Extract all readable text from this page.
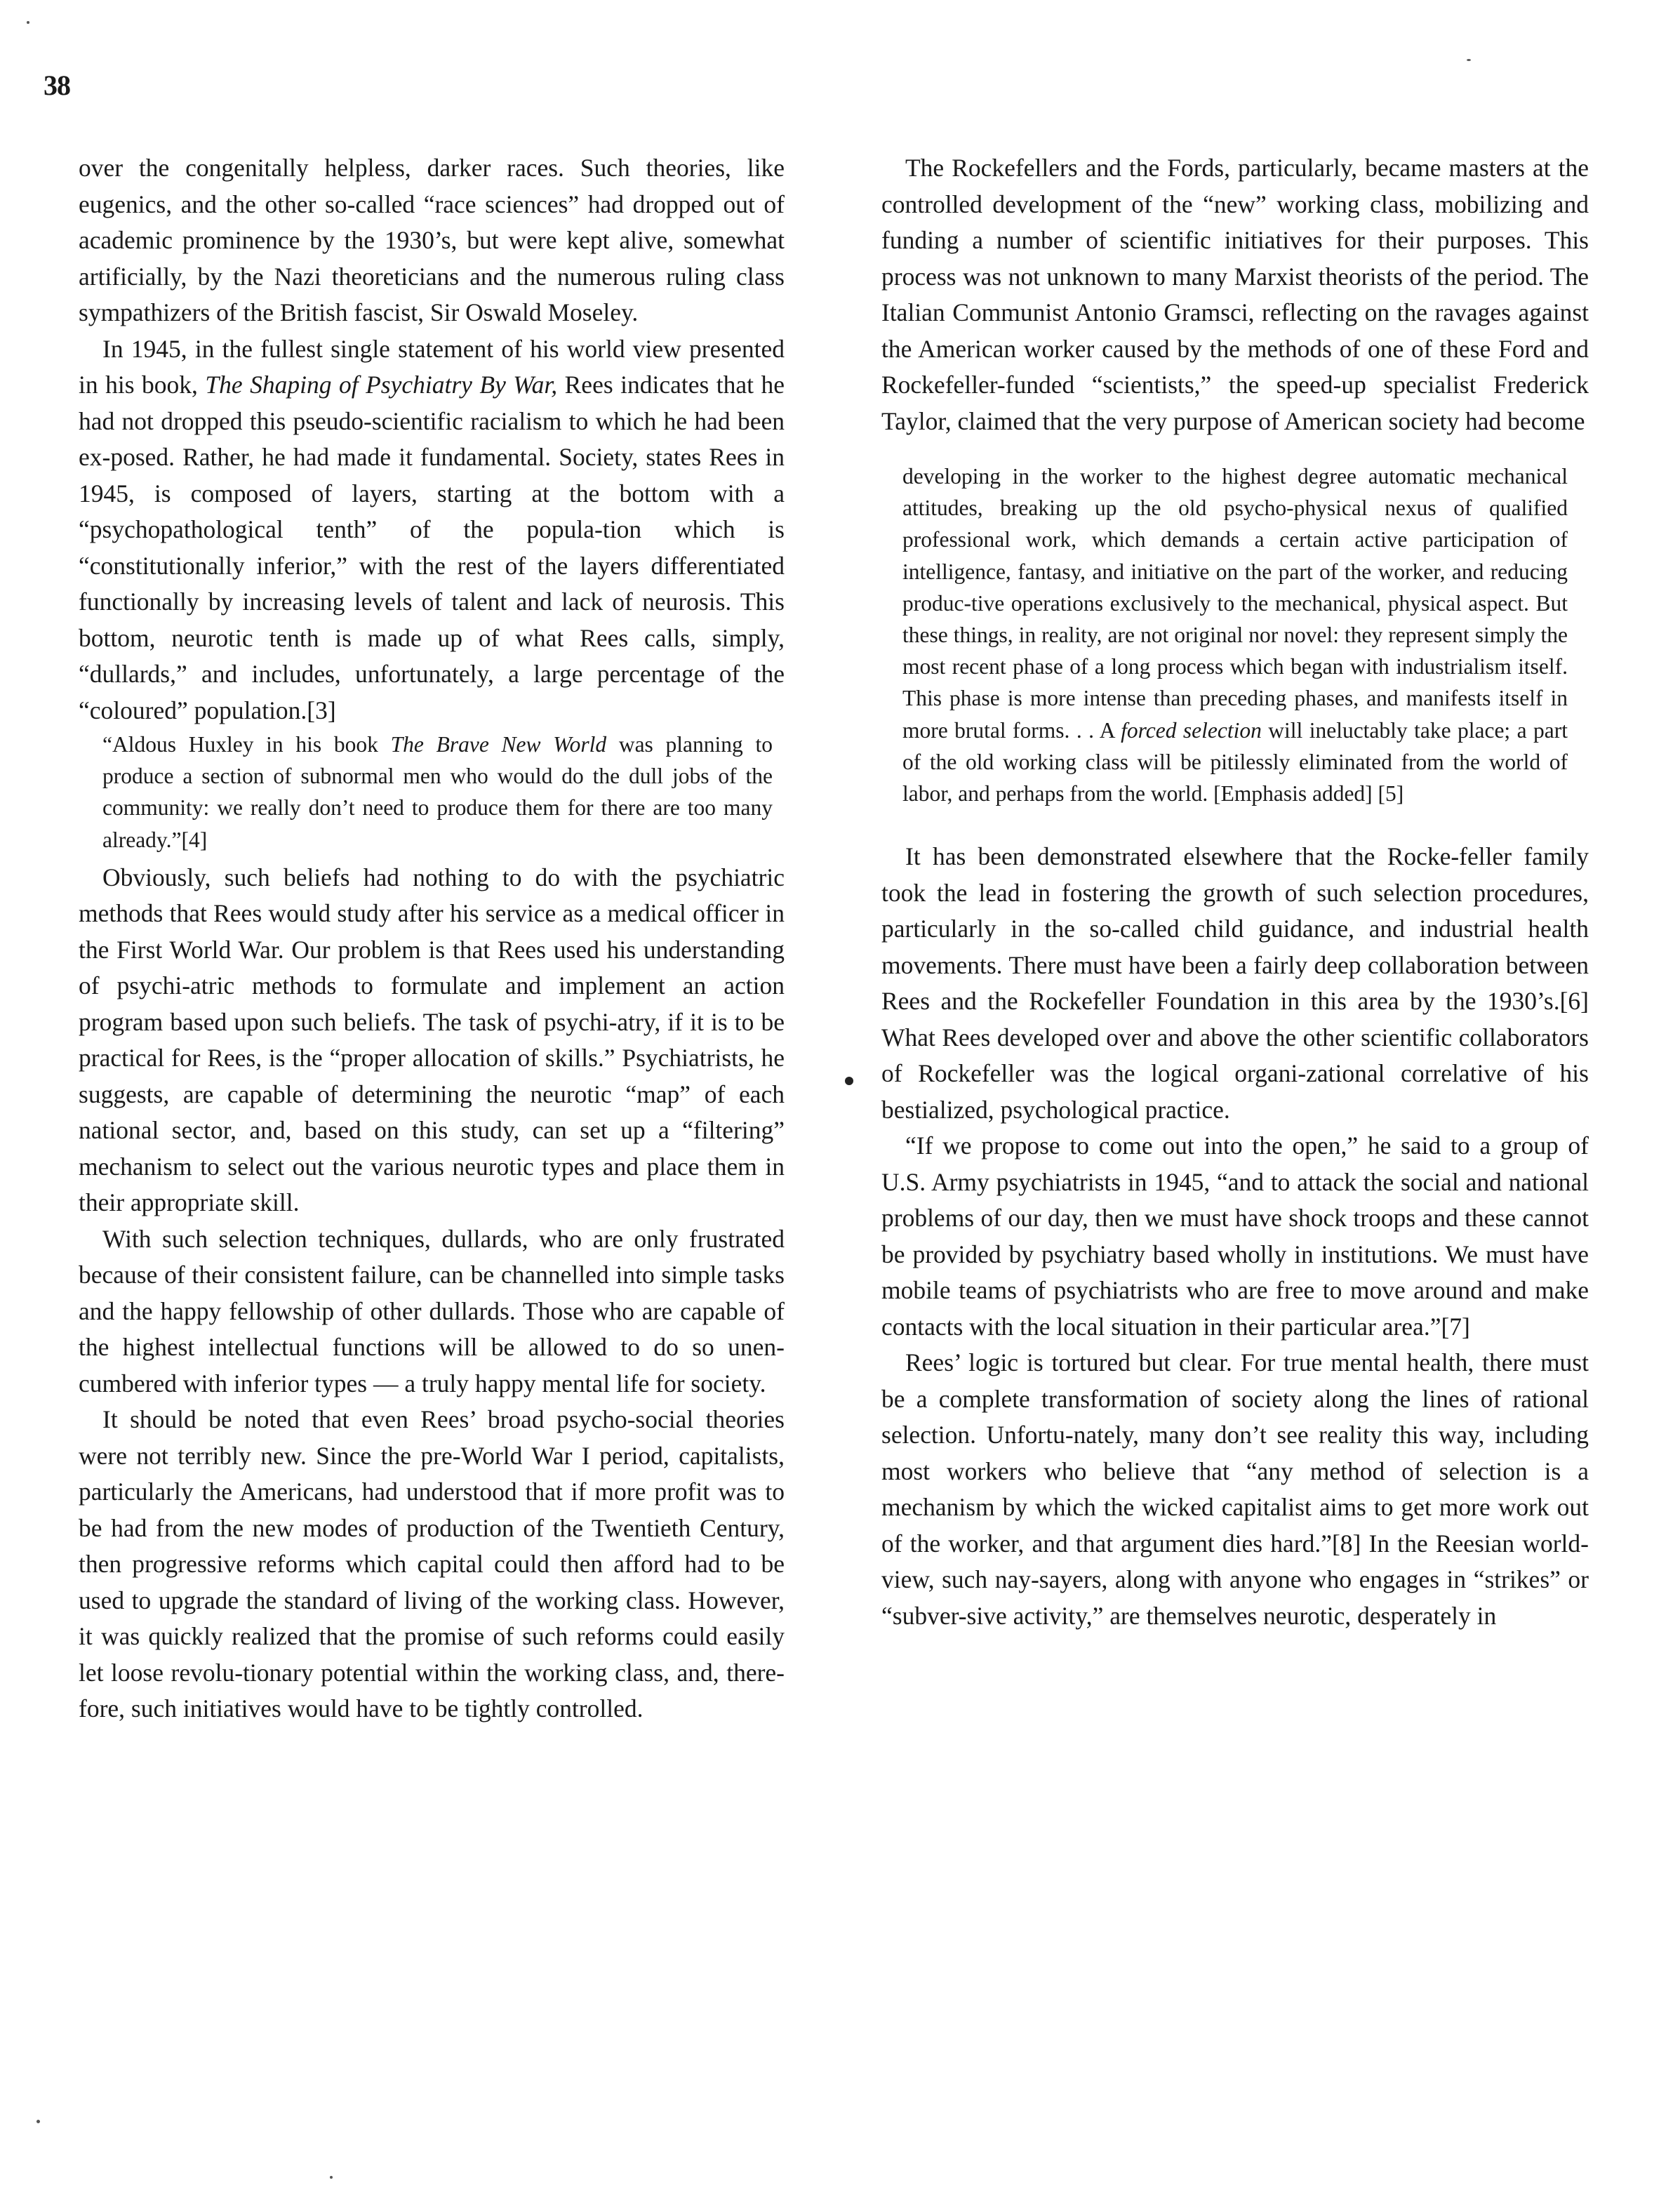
38

over the congenitally helpless, darker races. Such theories, like eugenics, and the other so-called “race sciences” had dropped out of academic prominence by the 1930’s, but were kept alive, somewhat artificially, by the Nazi theoreticians and the numerous ruling class sympathizers of the British fascist, Sir Oswald Moseley.

In 1945, in the fullest single statement of his world view presented in his book, The Shaping of Psychiatry By War, Rees indicates that he had not dropped this pseudo-scientific racialism to which he had been ex-posed. Rather, he had made it fundamental. Society, states Rees in 1945, is composed of layers, starting at the bottom with a “psychopathological tenth” of the popula-tion which is “constitutionally inferior,” with the rest of the layers differentiated functionally by increasing levels of talent and lack of neurosis. This bottom, neurotic tenth is made up of what Rees calls, simply, “dullards,” and includes, unfortunately, a large percentage of the “coloured” population.[3]

“Aldous Huxley in his book The Brave New World was planning to produce a section of subnormal men who would do the dull jobs of the community: we really don’t need to produce them for there are too many already.”[4]

Obviously, such beliefs had nothing to do with the psychiatric methods that Rees would study after his service as a medical officer in the First World War. Our problem is that Rees used his understanding of psychi-atric methods to formulate and implement an action program based upon such beliefs. The task of psychi-atry, if it is to be practical for Rees, is the “proper allocation of skills.” Psychiatrists, he suggests, are capable of determining the neurotic “map” of each national sector, and, based on this study, can set up a “filtering” mechanism to select out the various neurotic types and place them in their appropriate skill.

With such selection techniques, dullards, who are only frustrated because of their consistent failure, can be channelled into simple tasks and the happy fellowship of other dullards. Those who are capable of the highest intellectual functions will be allowed to do so unen-cumbered with inferior types — a truly happy mental life for society.

It should be noted that even Rees’ broad psycho-social theories were not terribly new. Since the pre-World War I period, capitalists, particularly the Americans, had understood that if more profit was to be had from the new modes of production of the Twentieth Century, then progressive reforms which capital could then afford had to be used to upgrade the standard of living of the working class. However, it was quickly realized that the promise of such reforms could easily let loose revolu-tionary potential within the working class, and, there-fore, such initiatives would have to be tightly controlled.

The Rockefellers and the Fords, particularly, became masters at the controlled development of the “new” working class, mobilizing and funding a number of scientific initiatives for their purposes. This process was not unknown to many Marxist theorists of the period. The Italian Communist Antonio Gramsci, reflecting on the ravages against the American worker caused by the methods of one of these Ford and Rockefeller-funded “scientists,” the speed-up specialist Frederick Taylor, claimed that the very purpose of American society had become

developing in the worker to the highest degree automatic mechanical attitudes, breaking up the old psycho-physical nexus of qualified professional work, which demands a certain active participation of intelligence, fantasy, and initiative on the part of the worker, and reducing produc-tive operations exclusively to the mechanical, physical aspect. But these things, in reality, are not original nor novel: they represent simply the most recent phase of a long process which began with industrialism itself. This phase is more intense than preceding phases, and manifests itself in more brutal forms. . . A forced selection will ineluctably take place; a part of the old working class will be pitilessly eliminated from the world of labor, and perhaps from the world. [Emphasis added] [5]

It has been demonstrated elsewhere that the Rocke-feller family took the lead in fostering the growth of such selection procedures, particularly in the so-called child guidance, and industrial health movements. There must have been a fairly deep collaboration between Rees and the Rockefeller Foundation in this area by the 1930’s.[6] What Rees developed over and above the other scientific collaborators of Rockefeller was the logical organi-zational correlative of his bestialized, psychological practice.

“If we propose to come out into the open,” he said to a group of U.S. Army psychiatrists in 1945, “and to attack the social and national problems of our day, then we must have shock troops and these cannot be provided by psychiatry based wholly in institutions. We must have mobile teams of psychiatrists who are free to move around and make contacts with the local situation in their particular area.”[7]

Rees’ logic is tortured but clear. For true mental health, there must be a complete transformation of society along the lines of rational selection. Unfortu-nately, many don’t see reality this way, including most workers who believe that “any method of selection is a mechanism by which the wicked capitalist aims to get more work out of the worker, and that argument dies hard.”[8] In the Reesian world-view, such nay-sayers, along with anyone who engages in “strikes” or “subver-sive activity,” are themselves neurotic, desperately in
